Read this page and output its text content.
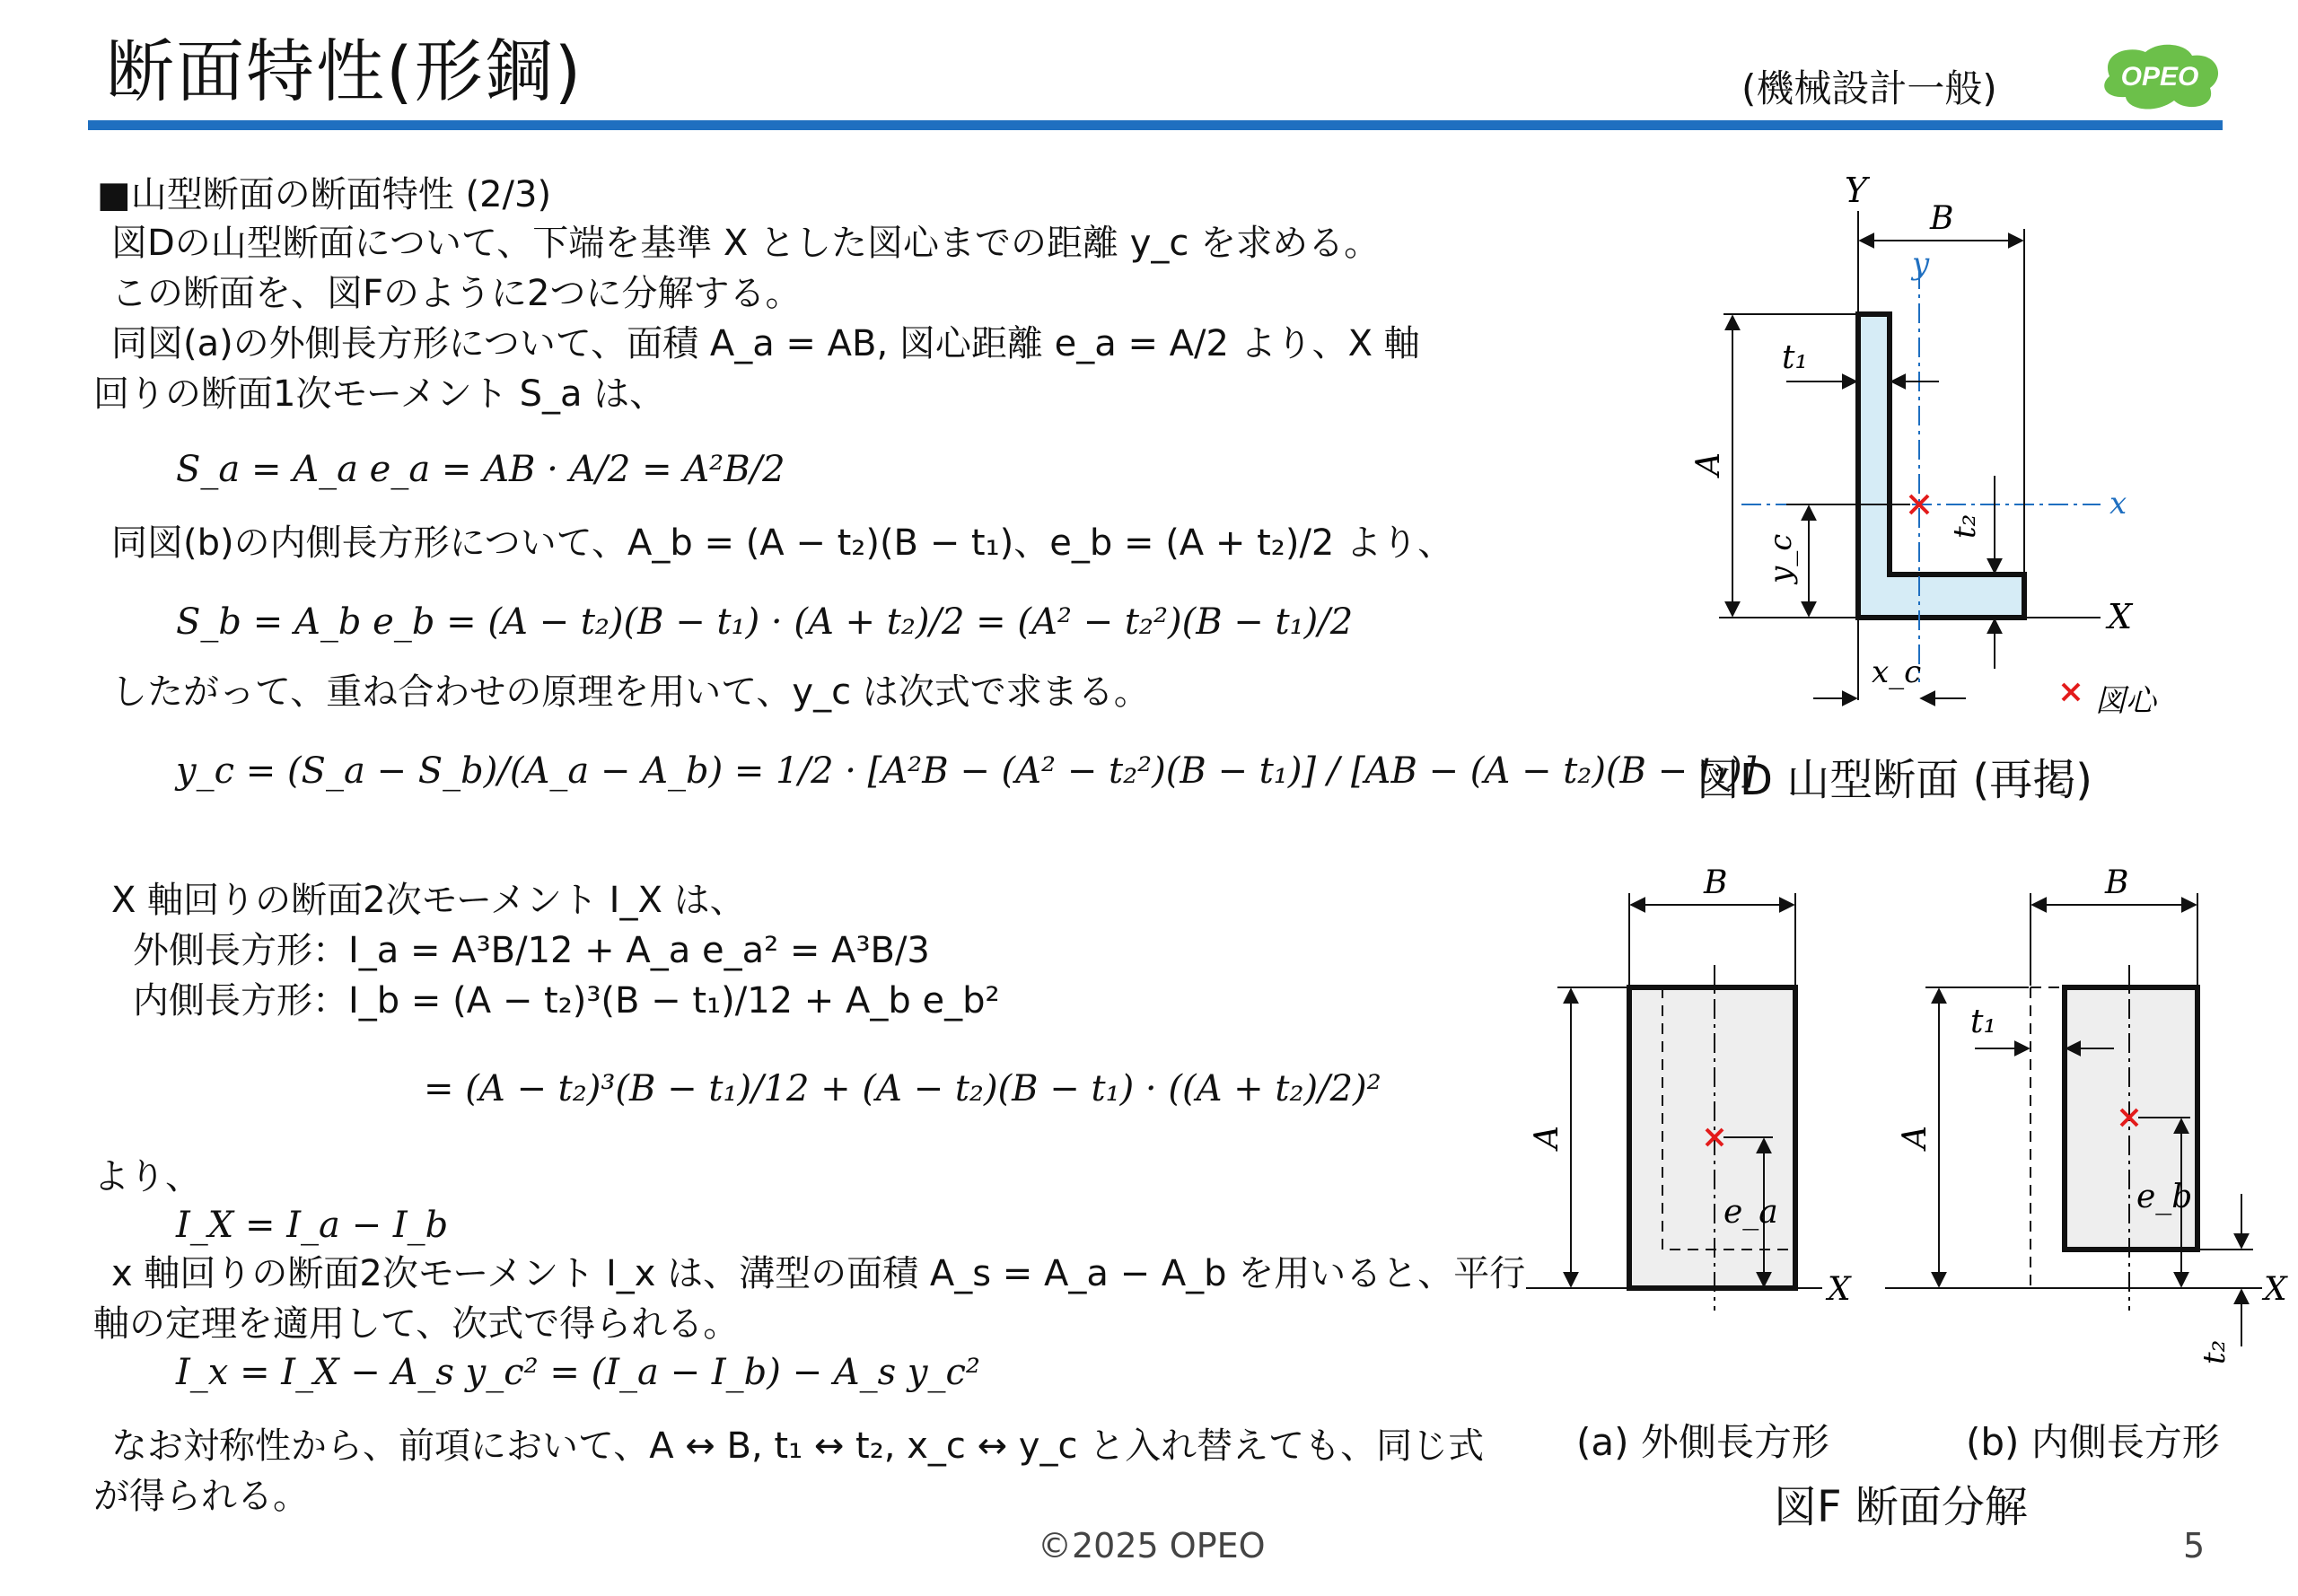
断面特性(形鋼)	(機械設計一般)	OPEO
■山型断面の断面特性 (2/3)
図Dの山型断面について、下端を基準 X とした図心までの距離 y_c を求める。
この断面を、図Fのように2つに分解する。
同図(a)の外側長方形について、面積 A_a = AB, 図心距離 e_a = A/2 より、X 軸
回りの断面1次モーメント S_a は、
S_a = A_a e_a = AB · A/2 = A²B/2
同図(b)の内側長方形について、A_b = (A − t₂)(B − t₁)、e_b = (A + t₂)/2 より、
S_b = A_b e_b = (A − t₂)(B − t₁) · (A + t₂)/2 = (A² − t₂²)(B − t₁)/2
したがって、重ね合わせの原理を用いて、y_c は次式で求まる。
y_c = (S_a − S_b)/(A_a − A_b) = 1/2 · [A²B − (A² − t₂²)(B − t₁)] / [AB − (A − t₂)(B − t₁)]
X 軸回りの断面2次モーメント I_X は、
外側長方形：I_a = A³B/12 + A_a e_a² = A³B/3
内側長方形：I_b = (A − t₂)³(B − t₁)/12 + A_b e_b²
= (A − t₂)³(B − t₁)/12 + (A − t₂)(B − t₁) · ((A + t₂)/2)²
より、
I_X = I_a − I_b
x 軸回りの断面2次モーメント I_x は、溝型の面積 A_s = A_a − A_b を用いると、平行
軸の定理を適用して、次式で得られる。
I_x = I_X − A_s y_c² = (I_a − I_b) − A_s y_c²
なお対称性から、前項において、A ↔ B, t₁ ↔ t₂, x_c ↔ y_c と入れ替えても、同じ式
が得られる。
Y
X
y
x
B
A
t₁
t₂
y_c
x_c
図心
図D 山型断面 (再掲)
B
A
X
e_a
B
A
t₁
e_b
X
t₂
(a) 外側長方形	(b) 内側長方形
図F 断面分解
©2025 OPEO	5
